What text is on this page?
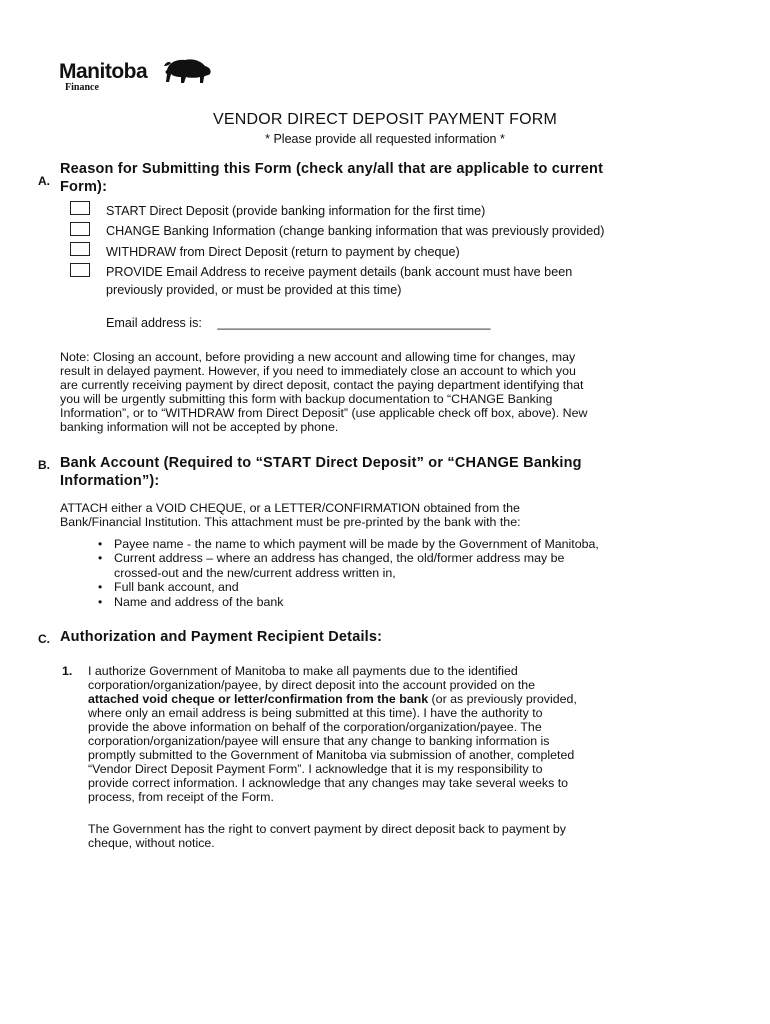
Manitoba
Finance
VENDOR DIRECT DEPOSIT PAYMENT FORM
* Please provide all requested information *
A.
Reason for Submitting this Form (check any/all that are applicable to current
Form):
START Direct Deposit (provide banking information for the first time)
CHANGE Banking Information (change banking information that was previously provided)
WITHDRAW from Direct Deposit (return to payment by cheque)
PROVIDE Email Address to receive payment details (bank account must have been
previously provided, or must be provided at this time)
Email address is: _______________________________________
Note: Closing an account, before providing a new account and allowing time for changes, may
result in delayed payment. However, if you need to immediately close an account to which you
are currently receiving payment by direct deposit, contact the paying department identifying that
you will be urgently submitting this form with backup documentation to “CHANGE Banking
Information”, or to “WITHDRAW from Direct Deposit” (use applicable check off box, above). New
banking information will not be accepted by phone.
B. Bank Account (Required to “START Direct Deposit” or “CHANGE Banking
Information”):
ATTACH either a VOID CHEQUE, or a LETTER/CONFIRMATION obtained from the
Bank/Financial Institution. This attachment must be pre-printed by the bank with the:
• Payee name - the name to which payment will be made by the Government of Manitoba,
• Current address – where an address has changed, the old/former address may be
crossed-out and the new/current address written in,
• Full bank account, and
• Name and address of the bank
C. Authorization and Payment Recipient Details:
1. I authorize Government of Manitoba to make all payments due to the identified
corporation/organization/payee, by direct deposit into the account provided on the
attached void cheque or letter/confirmation from the bank (or as previously provided,
where only an email address is being submitted at this time). I have the authority to
provide the above information on behalf of the corporation/organization/payee. The
corporation/organization/payee will ensure that any change to banking information is
promptly submitted to the Government of Manitoba via submission of another, completed
“Vendor Direct Deposit Payment Form”. I acknowledge that it is my responsibility to
provide correct information. I acknowledge that any changes may take several weeks to
process, from receipt of the Form.
The Government has the right to convert payment by direct deposit back to payment by
cheque, without notice.
